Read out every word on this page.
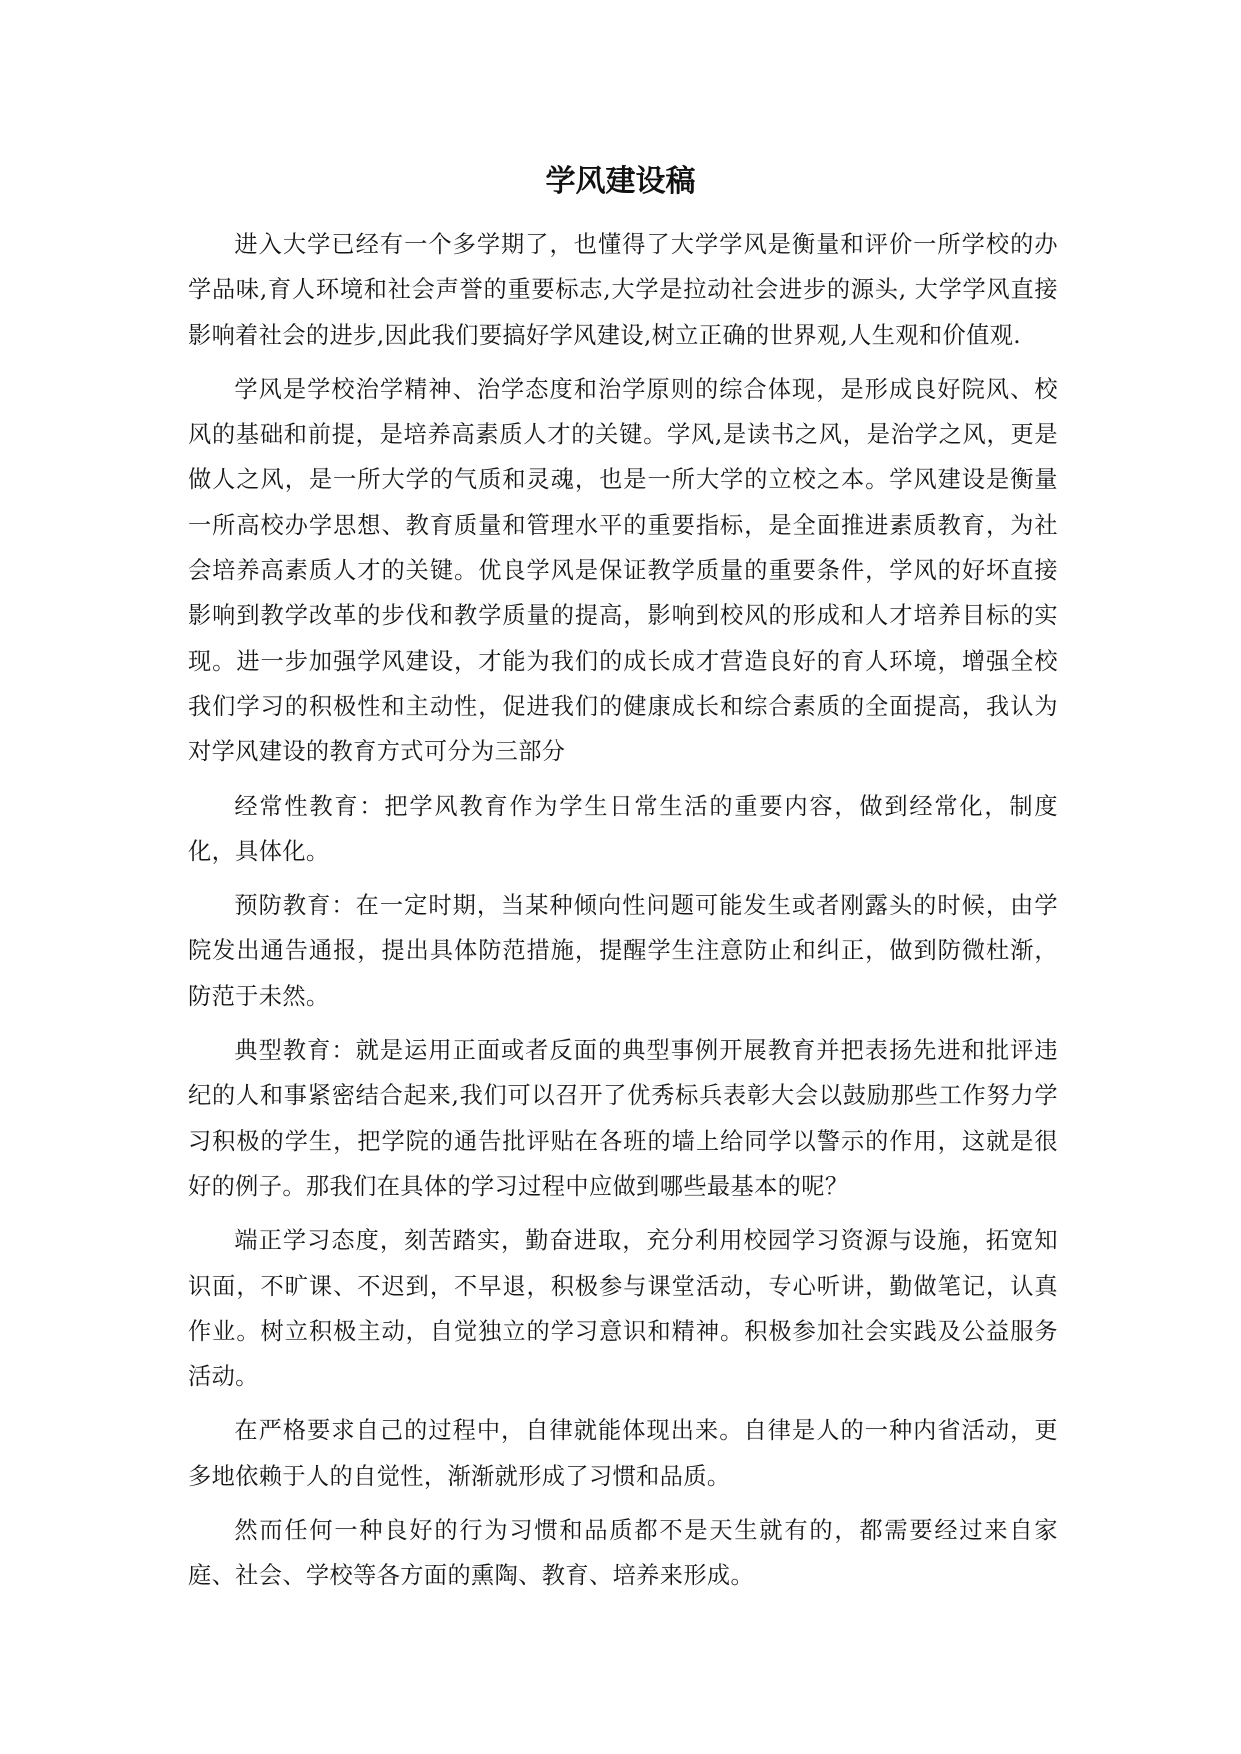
学风建设稿

进入大学已经有一个多学期了，也懂得了大学学风是衡量和评价一所学校的办学品味,育人环境和社会声誉的重要标志,大学是拉动社会进步的源头, 大学学风直接影响着社会的进步,因此我们要搞好学风建设,树立正确的世界观,人生观和价值观.

学风是学校治学精神、治学态度和治学原则的综合体现，是形成良好院风、校风的基础和前提，是培养高素质人才的关键。学风,是读书之风，是治学之风，更是做人之风，是一所大学的气质和灵魂，也是一所大学的立校之本。学风建设是衡量一所高校办学思想、教育质量和管理水平的重要指标，是全面推进素质教育，为社会培养高素质人才的关键。优良学风是保证教学质量的重要条件，学风的好坏直接影响到教学改革的步伐和教学质量的提高，影响到校风的形成和人才培养目标的实现。进一步加强学风建设，才能为我们的成长成才营造良好的育人环境，增强全校我们学习的积极性和主动性，促进我们的健康成长和综合素质的全面提高，我认为对学风建设的教育方式可分为三部分

经常性教育：把学风教育作为学生日常生活的重要内容，做到经常化，制度化，具体化。

预防教育：在一定时期，当某种倾向性问题可能发生或者刚露头的时候，由学院发出通告通报，提出具体防范措施，提醒学生注意防止和纠正，做到防微杜渐，防范于未然。

典型教育：就是运用正面或者反面的典型事例开展教育并把表扬先进和批评违纪的人和事紧密结合起来,我们可以召开了优秀标兵表彰大会以鼓励那些工作努力学习积极的学生，把学院的通告批评贴在各班的墙上给同学以警示的作用，这就是很好的例子。那我们在具体的学习过程中应做到哪些最基本的呢？

端正学习态度，刻苦踏实，勤奋进取，充分利用校园学习资源与设施，拓宽知识面，不旷课、不迟到，不早退，积极参与课堂活动，专心听讲，勤做笔记，认真作业。树立积极主动，自觉独立的学习意识和精神。积极参加社会实践及公益服务活动。

在严格要求自己的过程中，自律就能体现出来。自律是人的一种内省活动，更多地依赖于人的自觉性，渐渐就形成了习惯和品质。

然而任何一种良好的行为习惯和品质都不是天生就有的，都需要经过来自家庭、社会、学校等各方面的熏陶、教育、培养来形成。
